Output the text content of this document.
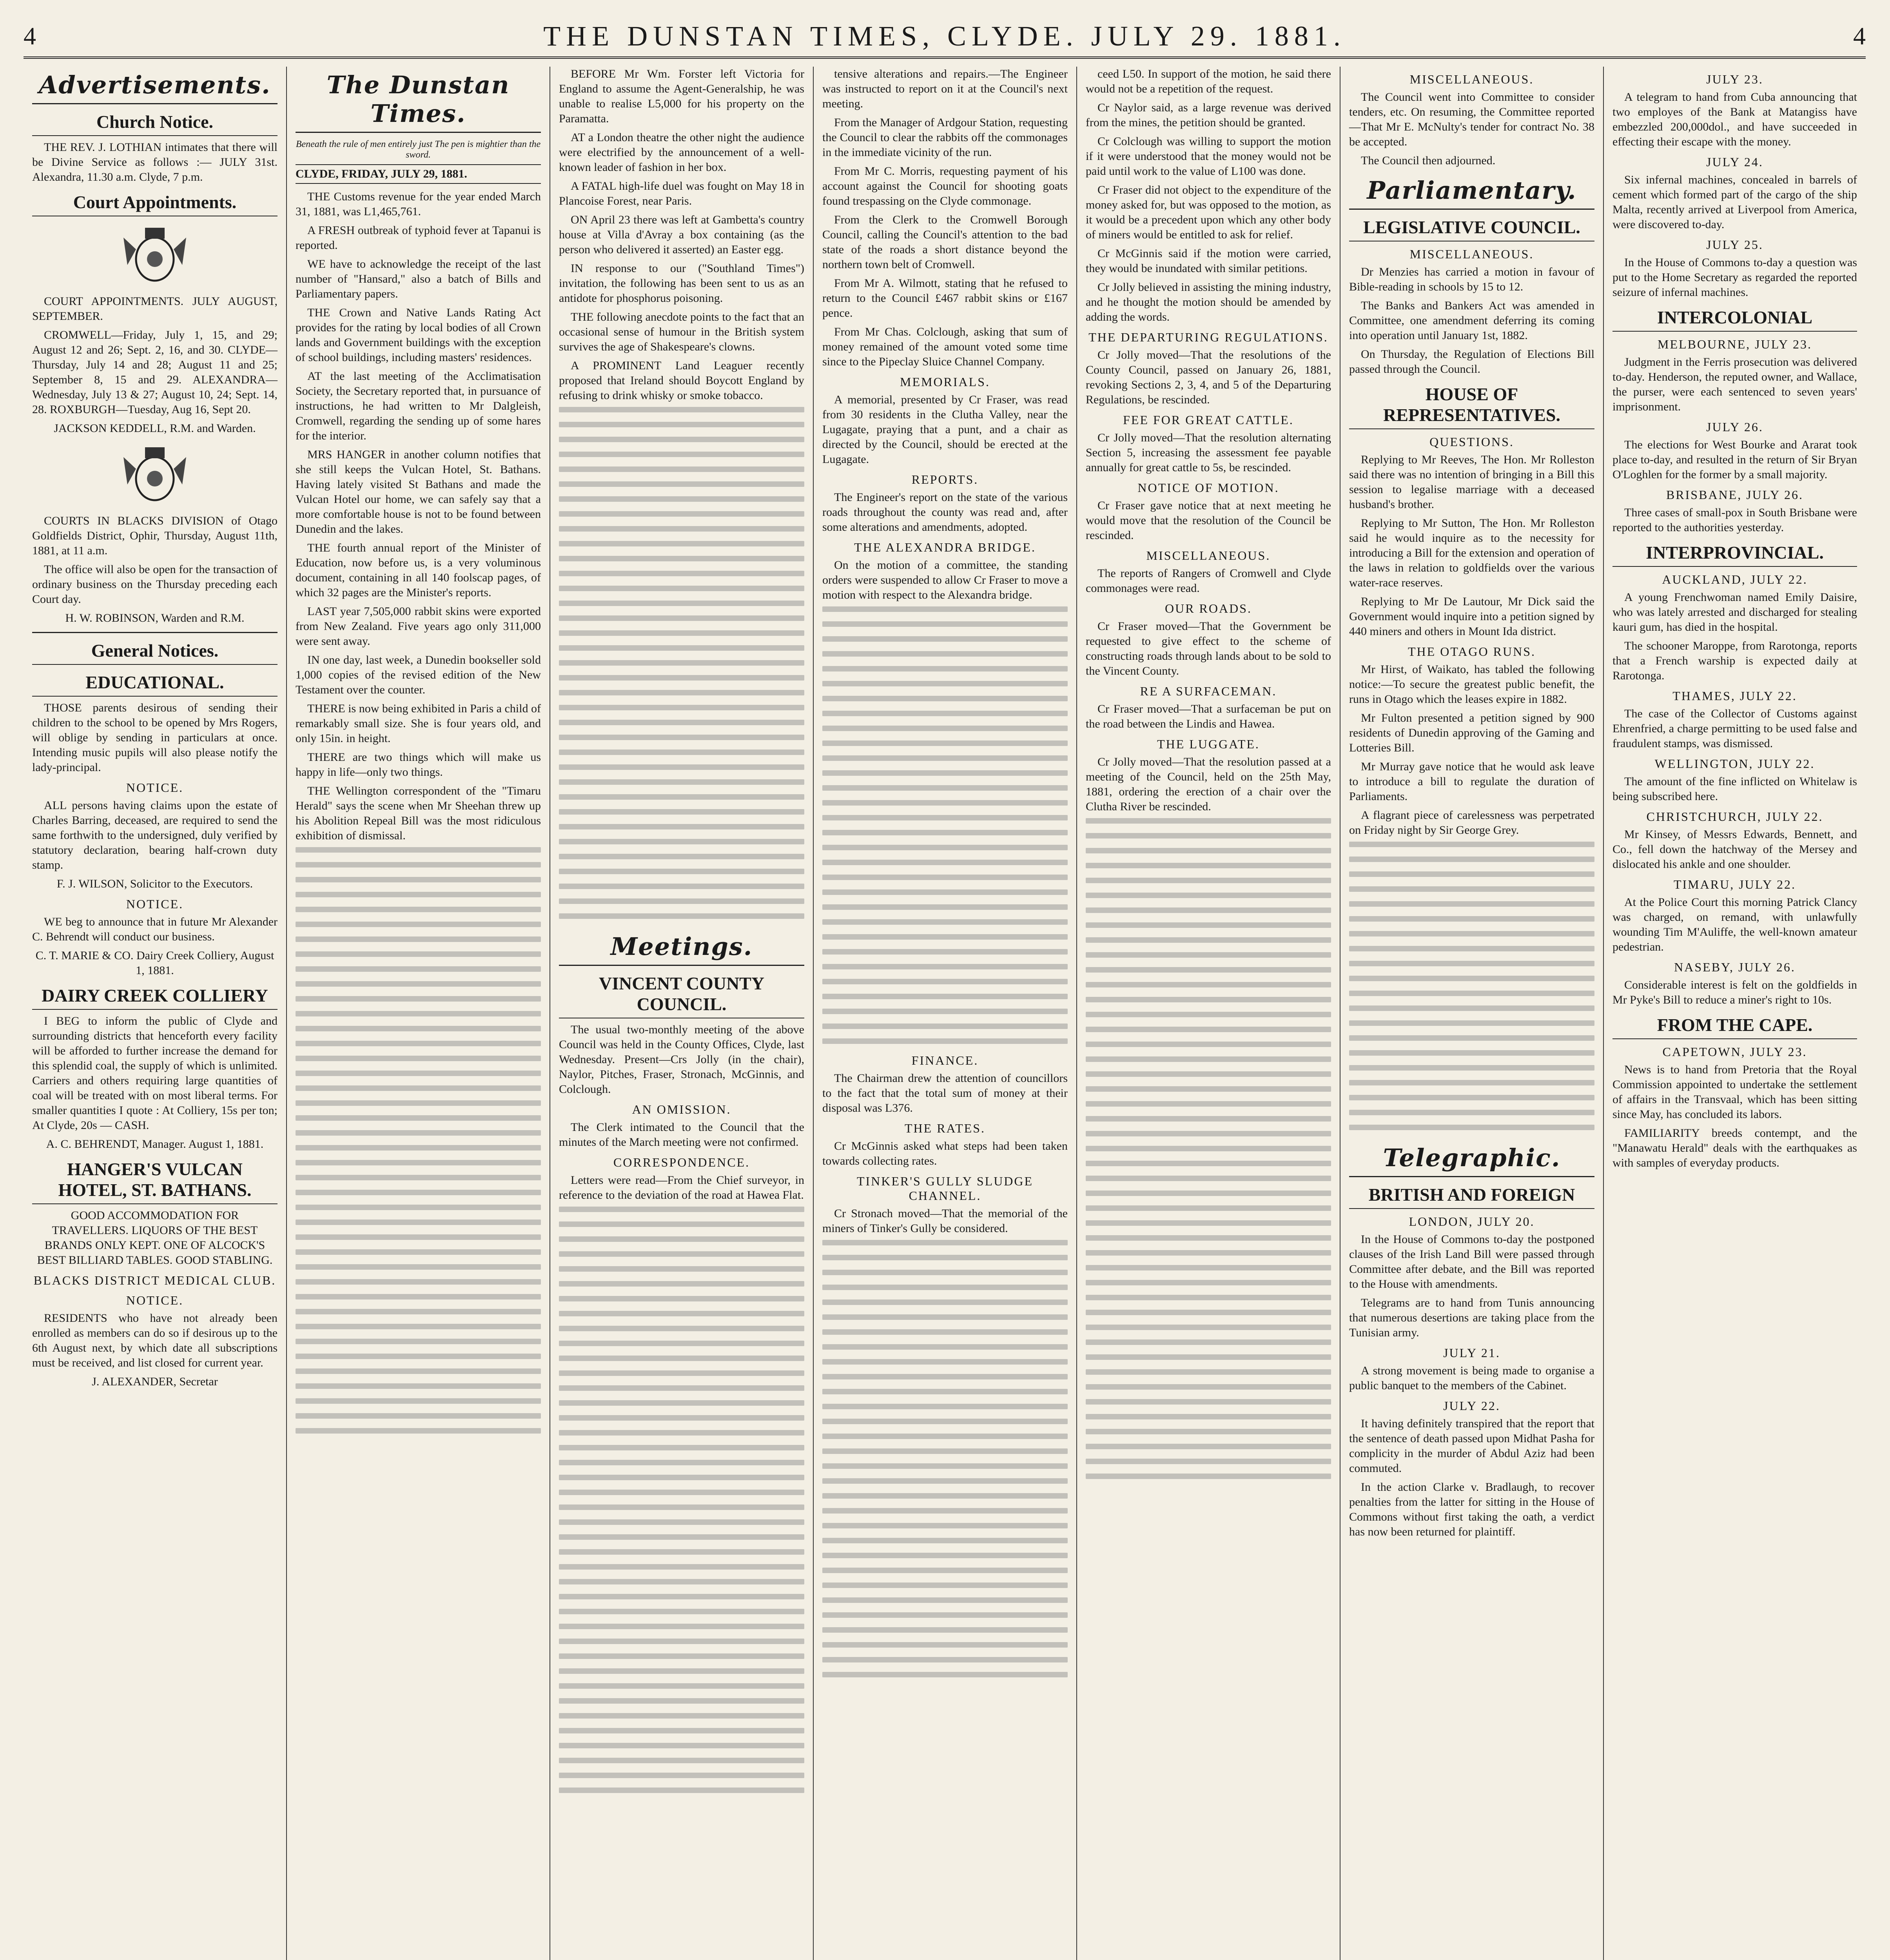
4	THE DUNSTAN TIMES, CLYDE. JULY 29. 1881.	4
Advertisements.
Church Notice.
THE REV. J. LOTHIAN intimates that there will be Divine Service as follows :— JULY 31st. Alexandra, 11.30 a.m. Clyde, 7 p.m.
Court Appointments.
COURT APPOINTMENTS. JULY AUGUST, SEPTEMBER.
CROMWELL—Friday, July 1, 15, and 29; August 12 and 26; Sept. 2, 16, and 30. CLYDE—Thursday, July 14 and 28; August 11 and 25; September 8, 15 and 29. ALEXANDRA—Wednesday, July 13 & 27; August 10, 24; Sept. 14, 28. ROXBURGH—Tuesday, Aug 16, Sept 20.
JACKSON KEDDELL, R.M. and Warden.
COURTS IN BLACKS DIVISION of Otago Goldfields District, Ophir, Thursday, August 11th, 1881, at 11 a.m.
The office will also be open for the transaction of ordinary business on the Thursday preceding each Court day.
H. W. ROBINSON, Warden and R.M.
General Notices.
EDUCATIONAL.
THOSE parents desirous of sending their children to the school to be opened by Mrs Rogers, will oblige by sending in particulars at once. Intending music pupils will also please notify the lady-principal.
NOTICE.
ALL persons having claims upon the estate of Charles Barring, deceased, are required to send the same forthwith to the undersigned, duly verified by statutory declaration, bearing half-crown duty stamp.
F. J. WILSON, Solicitor to the Executors.
NOTICE.
WE beg to announce that in future Mr Alexander C. Behrendt will conduct our business.
C. T. MARIE & CO. Dairy Creek Colliery, August 1, 1881.
DAIRY CREEK COLLIERY
I BEG to inform the public of Clyde and surrounding districts that henceforth every facility will be afforded to further increase the demand for this splendid coal, the supply of which is unlimited. Carriers and others requiring large quantities of coal will be treated with on most liberal terms. For smaller quantities I quote : At Colliery, 15s per ton; At Clyde, 20s — CASH.
A. C. BEHRENDT, Manager. August 1, 1881.
HANGER'S VULCAN HOTEL, ST. BATHANS.
GOOD ACCOMMODATION FOR TRAVELLERS. LIQUORS OF THE BEST BRANDS ONLY KEPT. ONE OF ALCOCK'S BEST BILLIARD TABLES. GOOD STABLING.
BLACKS DISTRICT MEDICAL CLUB.
NOTICE.
RESIDENTS who have not already been enrolled as members can do so if desirous up to the 6th August next, by which date all subscriptions must be received, and list closed for current year.
J. ALEXANDER, Secretar
The Dunstan Times.
Beneath the rule of men entirely just The pen is mightier than the sword.
CLYDE, FRIDAY, JULY 29, 1881.
THE Customs revenue for the year ended March 31, 1881, was L1,465,761.
A FRESH outbreak of typhoid fever at Tapanui is reported.
WE have to acknowledge the receipt of the last number of "Hansard," also a batch of Bills and Parliamentary papers.
THE Crown and Native Lands Rating Act provides for the rating by local bodies of all Crown lands and Government buildings with the exception of school buildings, including masters' residences.
AT the last meeting of the Acclimatisation Society, the Secretary reported that, in pursuance of instructions, he had written to Mr Dalgleish, Cromwell, regarding the sending up of some hares for the interior.
MRS HANGER in another column notifies that she still keeps the Vulcan Hotel, St. Bathans. Having lately visited St Bathans and made the Vulcan Hotel our home, we can safely say that a more comfortable house is not to be found between Dunedin and the lakes.
THE fourth annual report of the Minister of Education, now before us, is a very voluminous document, containing in all 140 foolscap pages, of which 32 pages are the Minister's reports.
LAST year 7,505,000 rabbit skins were exported from New Zealand. Five years ago only 311,000 were sent away.
IN one day, last week, a Dunedin bookseller sold 1,000 copies of the revised edition of the New Testament over the counter.
THERE is now being exhibited in Paris a child of remarkably small size. She is four years old, and only 15in. in height.
THERE are two things which will make us happy in life—only two things.
THE Wellington correspondent of the "Timaru Herald" says the scene when Mr Sheehan threw up his Abolition Repeal Bill was the most ridiculous exhibition of dismissal.
BEFORE Mr Wm. Forster left Victoria for England to assume the Agent-Generalship, he was unable to realise L5,000 for his property on the Paramatta.
AT a London theatre the other night the audience were electrified by the announcement of a well-known leader of fashion in her box.
A FATAL high-life duel was fought on May 18 in Plancoise Forest, near Paris.
ON April 23 there was left at Gambetta's country house at Villa d'Avray a box containing (as the person who delivered it asserted) an Easter egg.
IN response to our ("Southland Times") invitation, the following has been sent to us as an antidote for phosphorus poisoning.
THE following anecdote points to the fact that an occasional sense of humour in the British system survives the age of Shakespeare's clowns.
A PROMINENT Land Leaguer recently proposed that Ireland should Boycott England by refusing to drink whisky or smoke tobacco.
Meetings.
VINCENT COUNTY COUNCIL.
The usual two-monthly meeting of the above Council was held in the County Offices, Clyde, last Wednesday. Present—Crs Jolly (in the chair), Naylor, Pitches, Fraser, Stronach, McGinnis, and Colclough.
AN OMISSION.
The Clerk intimated to the Council that the minutes of the March meeting were not confirmed.
CORRESPONDENCE.
Letters were read—From the Chief surveyor, in reference to the deviation of the road at Hawea Flat.
tensive alterations and repairs.—The Engineer was instructed to report on it at the Council's next meeting.
From the Manager of Ardgour Station, requesting the Council to clear the rabbits off the commonages in the immediate vicinity of the run.
From Mr C. Morris, requesting payment of his account against the Council for shooting goats found trespassing on the Clyde commonage.
From the Clerk to the Cromwell Borough Council, calling the Council's attention to the bad state of the roads a short distance beyond the northern town belt of Cromwell.
From Mr A. Wilmott, stating that he refused to return to the Council £467 rabbit skins or £167 pence.
From Mr Chas. Colclough, asking that sum of money remained of the amount voted some time since to the Pipeclay Sluice Channel Company.
MEMORIALS.
A memorial, presented by Cr Fraser, was read from 30 residents in the Clutha Valley, near the Lugagate, praying that a punt, and a chair as directed by the Council, should be erected at the Lugagate.
REPORTS.
The Engineer's report on the state of the various roads throughout the county was read and, after some alterations and amendments, adopted.
THE ALEXANDRA BRIDGE.
On the motion of a committee, the standing orders were suspended to allow Cr Fraser to move a motion with respect to the Alexandra bridge.
FINANCE.
The Chairman drew the attention of councillors to the fact that the total sum of money at their disposal was L376.
THE RATES.
Cr McGinnis asked what steps had been taken towards collecting rates.
TINKER'S GULLY SLUDGE CHANNEL.
Cr Stronach moved—That the memorial of the miners of Tinker's Gully be considered.
ceed L50. In support of the motion, he said there would not be a repetition of the request.
Cr Naylor said, as a large revenue was derived from the mines, the petition should be granted.
Cr Colclough was willing to support the motion if it were understood that the money would not be paid until work to the value of L100 was done.
Cr Fraser did not object to the expenditure of the money asked for, but was opposed to the motion, as it would be a precedent upon which any other body of miners would be entitled to ask for relief.
Cr McGinnis said if the motion were carried, they would be inundated with similar petitions.
Cr Jolly believed in assisting the mining industry, and he thought the motion should be amended by adding the words.
THE DEPARTURING REGULATIONS.
Cr Jolly moved—That the resolutions of the County Council, passed on January 26, 1881, revoking Sections 2, 3, 4, and 5 of the Departuring Regulations, be rescinded.
FEE FOR GREAT CATTLE.
Cr Jolly moved—That the resolution alternating Section 5, increasing the assessment fee payable annually for great cattle to 5s, be rescinded.
NOTICE OF MOTION.
Cr Fraser gave notice that at next meeting he would move that the resolution of the Council be rescinded.
MISCELLANEOUS.
The reports of Rangers of Cromwell and Clyde commonages were read.
OUR ROADS.
Cr Fraser moved—That the Government be requested to give effect to the scheme of constructing roads through lands about to be sold to the Vincent County.
RE A SURFACEMAN.
Cr Fraser moved—That a surfaceman be put on the road between the Lindis and Hawea.
THE LUGGATE.
Cr Jolly moved—That the resolution passed at a meeting of the Council, held on the 25th May, 1881, ordering the erection of a chair over the Clutha River be rescinded.
MISCELLANEOUS.
The Council went into Committee to consider tenders, etc. On resuming, the Committee reported—That Mr E. McNulty's tender for contract No. 38 be accepted.
The Council then adjourned.
Parliamentary.
LEGISLATIVE COUNCIL.
MISCELLANEOUS.
Dr Menzies has carried a motion in favour of Bible-reading in schools by 15 to 12.
The Banks and Bankers Act was amended in Committee, one amendment deferring its coming into operation until January 1st, 1882.
On Thursday, the Regulation of Elections Bill passed through the Council.
HOUSE OF REPRESENTATIVES.
QUESTIONS.
Replying to Mr Reeves, The Hon. Mr Rolleston said there was no intention of bringing in a Bill this session to legalise marriage with a deceased husband's brother.
Replying to Mr Sutton, The Hon. Mr Rolleston said he would inquire as to the necessity for introducing a Bill for the extension and operation of the laws in relation to goldfields over the various water-race reserves.
Replying to Mr De Lautour, Mr Dick said the Government would inquire into a petition signed by 440 miners and others in Mount Ida district.
THE OTAGO RUNS.
Mr Hirst, of Waikato, has tabled the following notice:—To secure the greatest public benefit, the runs in Otago which the leases expire in 1882.
Mr Fulton presented a petition signed by 900 residents of Dunedin approving of the Gaming and Lotteries Bill.
Mr Murray gave notice that he would ask leave to introduce a bill to regulate the duration of Parliaments.
A flagrant piece of carelessness was perpetrated on Friday night by Sir George Grey.
Telegraphic.
BRITISH AND FOREIGN
LONDON, JULY 20.
In the House of Commons to-day the postponed clauses of the Irish Land Bill were passed through Committee after debate, and the Bill was reported to the House with amendments.
Telegrams are to hand from Tunis announcing that numerous desertions are taking place from the Tunisian army.
JULY 21.
A strong movement is being made to organise a public banquet to the members of the Cabinet.
JULY 22.
It having definitely transpired that the report that the sentence of death passed upon Midhat Pasha for complicity in the murder of Abdul Aziz had been commuted.
In the action Clarke v. Bradlaugh, to recover penalties from the latter for sitting in the House of Commons without first taking the oath, a verdict has now been returned for plaintiff.
JULY 23.
A telegram to hand from Cuba announcing that two employes of the Bank at Matangiss have embezzled 200,000dol., and have succeeded in effecting their escape with the money.
JULY 24.
Six infernal machines, concealed in barrels of cement which formed part of the cargo of the ship Malta, recently arrived at Liverpool from America, were discovered to-day.
JULY 25.
In the House of Commons to-day a question was put to the Home Secretary as regarded the reported seizure of infernal machines.
INTERCOLONIAL
MELBOURNE, JULY 23.
Judgment in the Ferris prosecution was delivered to-day. Henderson, the reputed owner, and Wallace, the purser, were each sentenced to seven years' imprisonment.
JULY 26.
The elections for West Bourke and Ararat took place to-day, and resulted in the return of Sir Bryan O'Loghlen for the former by a small majority.
BRISBANE, JULY 26.
Three cases of small-pox in South Brisbane were reported to the authorities yesterday.
INTERPROVINCIAL.
AUCKLAND, JULY 22.
A young Frenchwoman named Emily Daisire, who was lately arrested and discharged for stealing kauri gum, has died in the hospital.
The schooner Maroppe, from Rarotonga, reports that a French warship is expected daily at Rarotonga.
THAMES, JULY 22.
The case of the Collector of Customs against Ehrenfried, a charge permitting to be used false and fraudulent stamps, was dismissed.
WELLINGTON, JULY 22.
The amount of the fine inflicted on Whitelaw is being subscribed here.
CHRISTCHURCH, JULY 22.
Mr Kinsey, of Messrs Edwards, Bennett, and Co., fell down the hatchway of the Mersey and dislocated his ankle and one shoulder.
TIMARU, JULY 22.
At the Police Court this morning Patrick Clancy was charged, on remand, with unlawfully wounding Tim M'Auliffe, the well-known amateur pedestrian.
NASEBY, JULY 26.
Considerable interest is felt on the goldfields in Mr Pyke's Bill to reduce a miner's right to 10s.
FROM THE CAPE.
CAPETOWN, JULY 23.
News is to hand from Pretoria that the Royal Commission appointed to undertake the settlement of affairs in the Transvaal, which has been sitting since May, has concluded its labors.
FAMILIARITY breeds contempt, and the "Manawatu Herald" deals with the earthquakes as with samples of everyday products.
